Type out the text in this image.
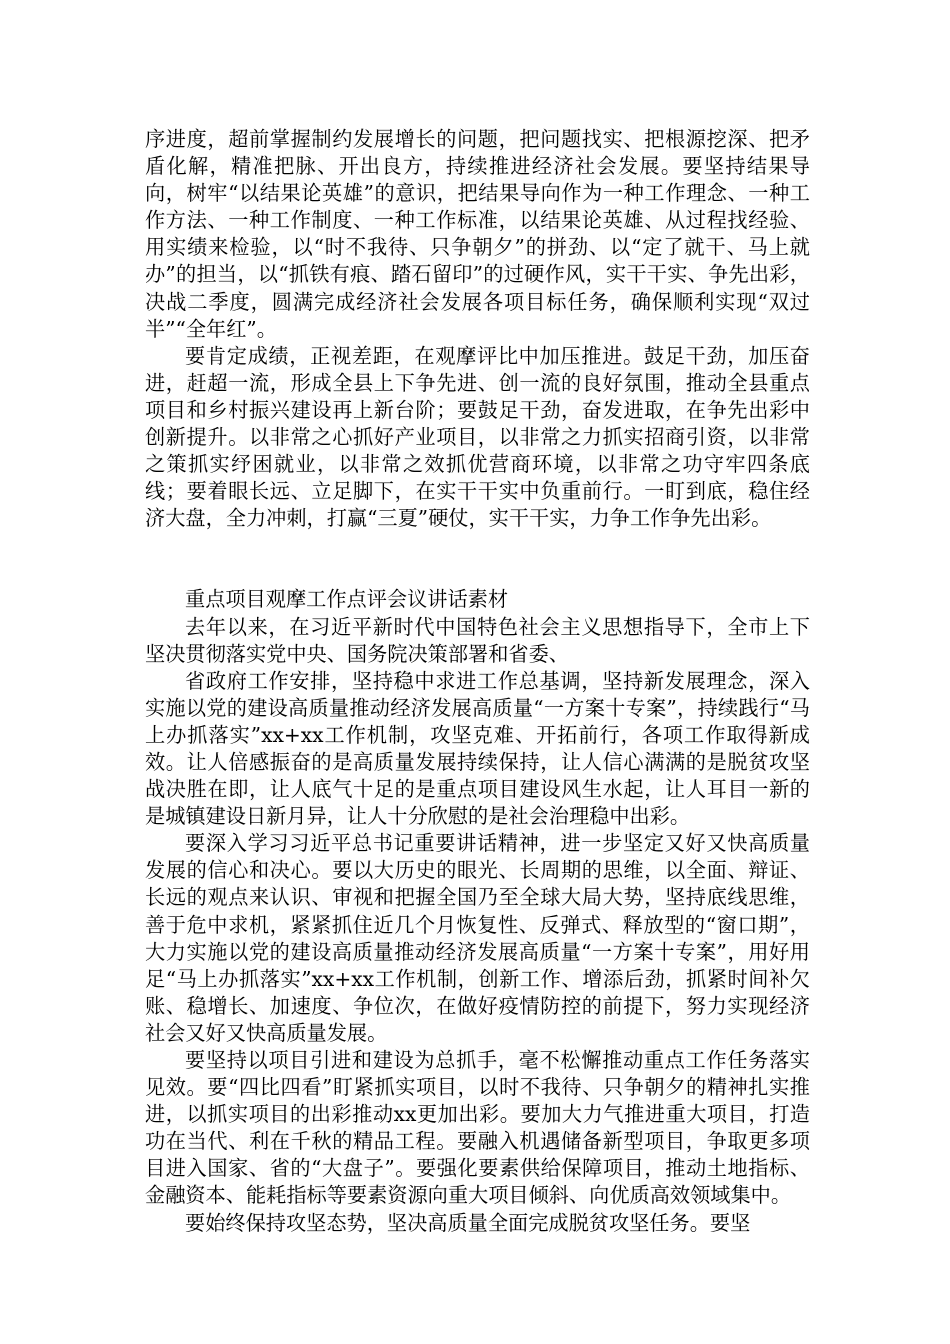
序进度，超前掌握制约发展增长的问题，把问题找实、把根源挖深、把矛盾化解，精准把脉、开出良方，持续推进经济社会发展。要坚持结果导向，树牢“以结果论英雄”的意识，把结果导向作为一种工作理念、一种工作方法、一种工作制度、一种工作标准，以结果论英雄、从过程找经验、用实绩来检验，以“时不我待、只争朝夕”的拼劲、以“定了就干、马上就办”的担当，以“抓铁有痕、踏石留印”的过硬作风，实干干实、争先出彩，决战二季度，圆满完成经济社会发展各项目标任务，确保顺利实现“双过半”“全年红”。

要肯定成绩，正视差距，在观摩评比中加压推进。鼓足干劲，加压奋进，赶超一流，形成全县上下争先进、创一流的良好氛围，推动全县重点项目和乡村振兴建设再上新台阶；要鼓足干劲，奋发进取，在争先出彩中创新提升。以非常之心抓好产业项目，以非常之力抓实招商引资，以非常之策抓实纾困就业，以非常之效抓优营商环境，以非常之功守牢四条底线；要着眼长远、立足脚下，在实干干实中负重前行。一盯到底，稳住经济大盘，全力冲刺，打赢“三夏”硬仗，实干干实，力争工作争先出彩。

重点项目观摩工作点评会议讲话素材

去年以来，在习近平新时代中国特色社会主义思想指导下，全市上下坚决贯彻落实党中央、国务院决策部署和省委、

省政府工作安排，坚持稳中求进工作总基调，坚持新发展理念，深入实施以党的建设高质量推动经济发展高质量“一方案十专案”，持续践行“马上办抓落实”xx+xx工作机制，攻坚克难、开拓前行，各项工作取得新成效。让人倍感振奋的是高质量发展持续保持，让人信心满满的是脱贫攻坚战决胜在即，让人底气十足的是重点项目建设风生水起，让人耳目一新的是城镇建设日新月异，让人十分欣慰的是社会治理稳中出彩。

要深入学习习近平总书记重要讲话精神，进一步坚定又好又快高质量发展的信心和决心。要以大历史的眼光、长周期的思维，以全面、辩证、长远的观点来认识、审视和把握全国乃至全球大局大势，坚持底线思维，善于危中求机，紧紧抓住近几个月恢复性、反弹式、释放型的“窗口期”，大力实施以党的建设高质量推动经济发展高质量“一方案十专案”，用好用足“马上办抓落实”xx+xx工作机制，创新工作、增添后劲，抓紧时间补欠账、稳增长、加速度、争位次，在做好疫情防控的前提下，努力实现经济社会又好又快高质量发展。

要坚持以项目引进和建设为总抓手，毫不松懈推动重点工作任务落实见效。要“四比四看”盯紧抓实项目，以时不我待、只争朝夕的精神扎实推进，以抓实项目的出彩推动xx更加出彩。要加大力气推进重大项目，打造功在当代、利在千秋的精品工程。要融入机遇储备新型项目，争取更多项目进入国家、省的“大盘子”。要强化要素供给保障项目，推动土地指标、金融资本、能耗指标等要素资源向重大项目倾斜、向优质高效领域集中。

要始终保持攻坚态势，坚决高质量全面完成脱贫攻坚任务。要坚
